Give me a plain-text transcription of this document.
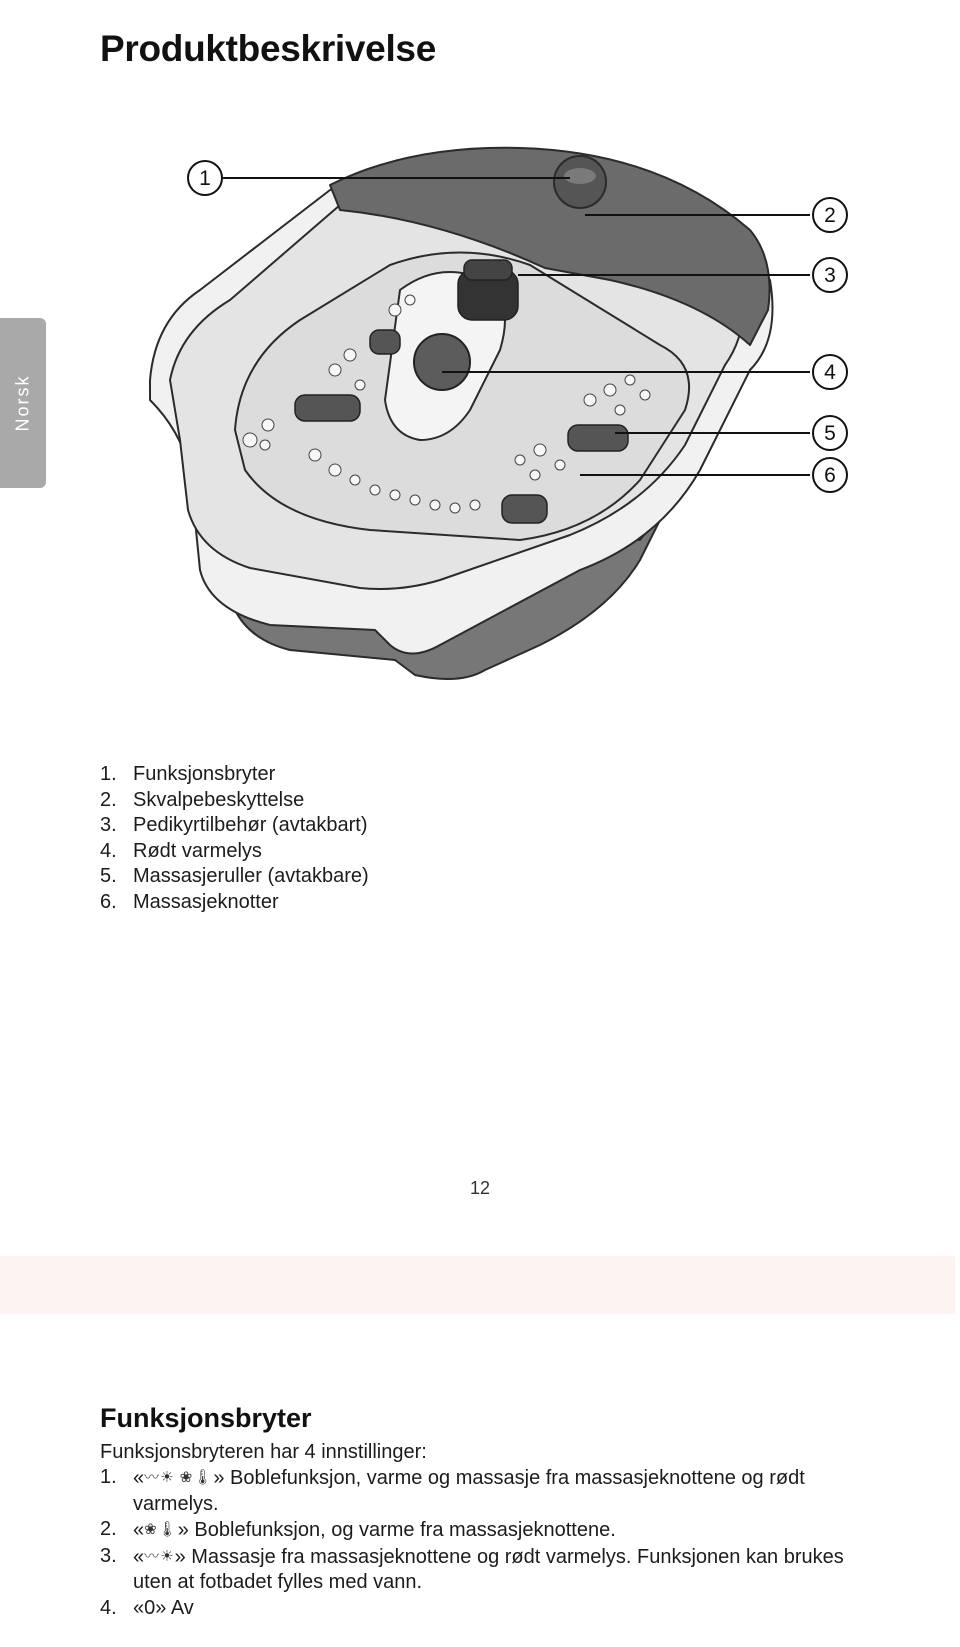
Produktbeskrivelse
Norsk
1
2
3
4
5
6
1. Funksjonsbryter
2. Skvalpebeskyttelse
3. Pedikyrtilbehør (avtakbart)
4. Rødt varmelys
5. Massasjeruller (avtakbare)
6. Massasjeknotter
12
Funksjonsbryter

Funksjonsbryteren har 4 innstillinger:

1. «〰☀ ❀🌡» Boblefunksjon, varme og massasje fra massasjeknottene og rødt varmelys.
2. «❀🌡» Boblefunksjon, og varme fra massasjeknottene.
3. «〰☀» Massasje fra massasjeknottene og rødt varmelys. Funksjonen kan brukes uten at fotbadet fylles med vann.
4. «0» Av
